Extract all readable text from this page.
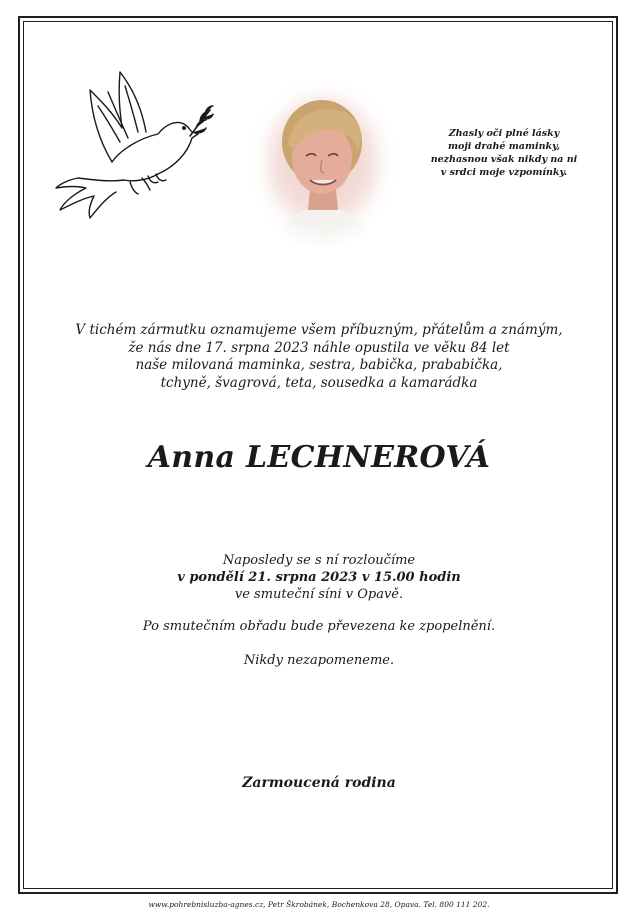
Zhasly oči plné lásky
moji drahé maminky,
nezhasnou však nikdy na ni
v srdci moje vzpomínky.
V tichém zármutku oznamujeme všem příbuzným, přátelům a známým,
že nás dne 17. srpna 2023 náhle opustila ve věku 84 let
naše milovaná maminka, sestra, babička, prababička,
tchyně, švagrová, teta, sousedka a kamarádka
Anna LECHNEROVÁ
Naposledy se s ní rozloučíme
v pondělí 21. srpna 2023 v 15.00 hodin
ve smuteční síni v Opavě.
Po smutečním obřadu bude převezena ke zpopelnění.
Nikdy nezapomeneme.
Zarmoucená rodina
www.pohrebnisluzba-agnes.cz, Petr Škrobánek, Bochenkova 28, Opava. Tel. 800 111 202.
